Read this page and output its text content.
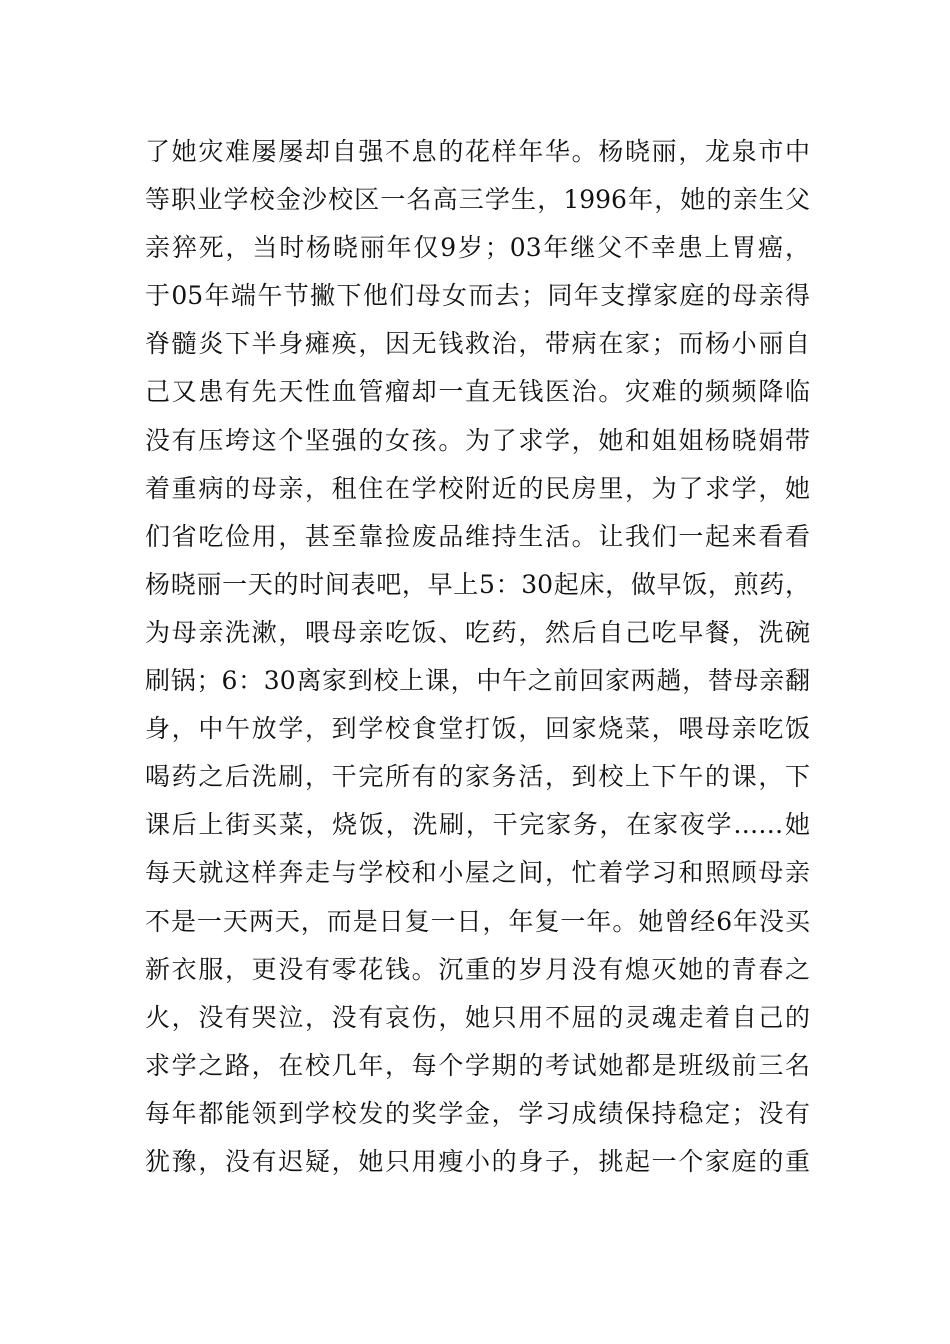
了她灾难屡屡却自强不息的花样年华。杨晓丽，龙泉市中
等职业学校金沙校区一名高三学生，1996年，她的亲生父
亲猝死，当时杨晓丽年仅9岁；03年继父不幸患上胃癌，
于05年端午节撇下他们母女而去；同年支撑家庭的母亲得
脊髓炎下半身瘫痪，因无钱救治，带病在家；而杨小丽自
己又患有先天性血管瘤却一直无钱医治。灾难的频频降临
没有压垮这个坚强的女孩。为了求学，她和姐姐杨晓娟带
着重病的母亲，租住在学校附近的民房里，为了求学，她
们省吃俭用，甚至靠捡废品维持生活。让我们一起来看看
杨晓丽一天的时间表吧，早上5：30起床，做早饭，煎药，
为母亲洗漱，喂母亲吃饭、吃药，然后自己吃早餐，洗碗
刷锅；6：30离家到校上课，中午之前回家两趟，替母亲翻
身，中午放学，到学校食堂打饭，回家烧菜，喂母亲吃饭
喝药之后洗刷，干完所有的家务活，到校上下午的课，下
课后上街买菜，烧饭，洗刷，干完家务，在家夜学……她
每天就这样奔走与学校和小屋之间，忙着学习和照顾母亲
不是一天两天，而是日复一日，年复一年。她曾经6年没买
新衣服，更没有零花钱。沉重的岁月没有熄灭她的青春之
火，没有哭泣，没有哀伤，她只用不屈的灵魂走着自己的
求学之路，在校几年，每个学期的考试她都是班级前三名
每年都能领到学校发的奖学金，学习成绩保持稳定；没有
犹豫，没有迟疑，她只用瘦小的身子，挑起一个家庭的重
